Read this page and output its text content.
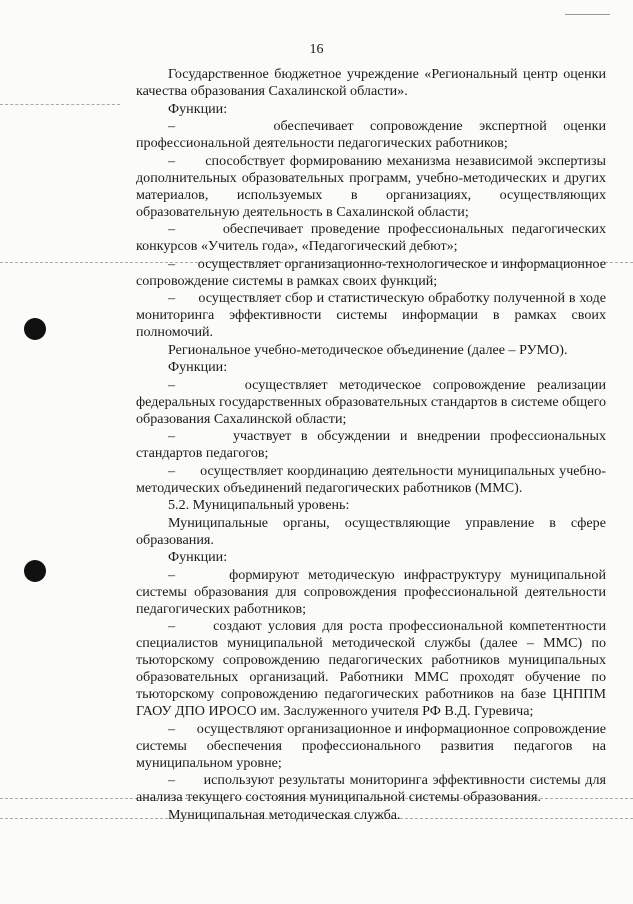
16

Государственное бюджетное учреждение «Региональный центр оценки качества образования Сахалинской области».

Функции:

–      обеспечивает сопровождение экспертной оценки профессиональной деятельности педагогических работников;

–      способствует формированию механизма независимой экспертизы дополнительных образовательных программ, учебно-методических и других материалов, используемых в организациях, осуществляющих образовательную деятельность в Сахалинской области;

–      обеспечивает проведение профессиональных педагогических конкурсов «Учитель года», «Педагогический дебют»;

–      осуществляет организационно-технологическое и информационное сопровождение системы в рамках своих функций;

–      осуществляет сбор и статистическую обработку полученной в ходе мониторинга эффективности системы информации в рамках своих полномочий.

Региональное учебно-методическое объединение (далее – РУМО).

Функции:

–      осуществляет методическое сопровождение реализации федеральных государственных образовательных стандартов в системе общего образования Сахалинской области;

–      участвует в обсуждении и внедрении профессиональных стандартов педагогов;

–      осуществляет координацию деятельности муниципальных учебно-методических объединений педагогических работников (ММС).

5.2. Муниципальный уровень:

Муниципальные органы, осуществляющие управление в сфере образования.

Функции:

–      формируют методическую инфраструктуру муниципальной системы образования для сопровождения профессиональной деятельности педагогических работников;

–      создают условия для роста профессиональной компетентности специалистов муниципальной методической службы (далее – ММС) по тьюторскому сопровождению педагогических работников муниципальных образовательных организаций. Работники ММС проходят обучение по тьюторскому сопровождению педагогических работников на базе ЦНППМ ГАОУ ДПО ИРОСО им. Заслуженного учителя РФ В.Д. Гуревича;

–      осуществляют организационное и информационное сопровождение системы обеспечения профессионального развития педагогов на муниципальном уровне;

–      используют результаты мониторинга эффективности системы для анализа текущего состояния муниципальной системы образования.

Муниципальная методическая служба.
